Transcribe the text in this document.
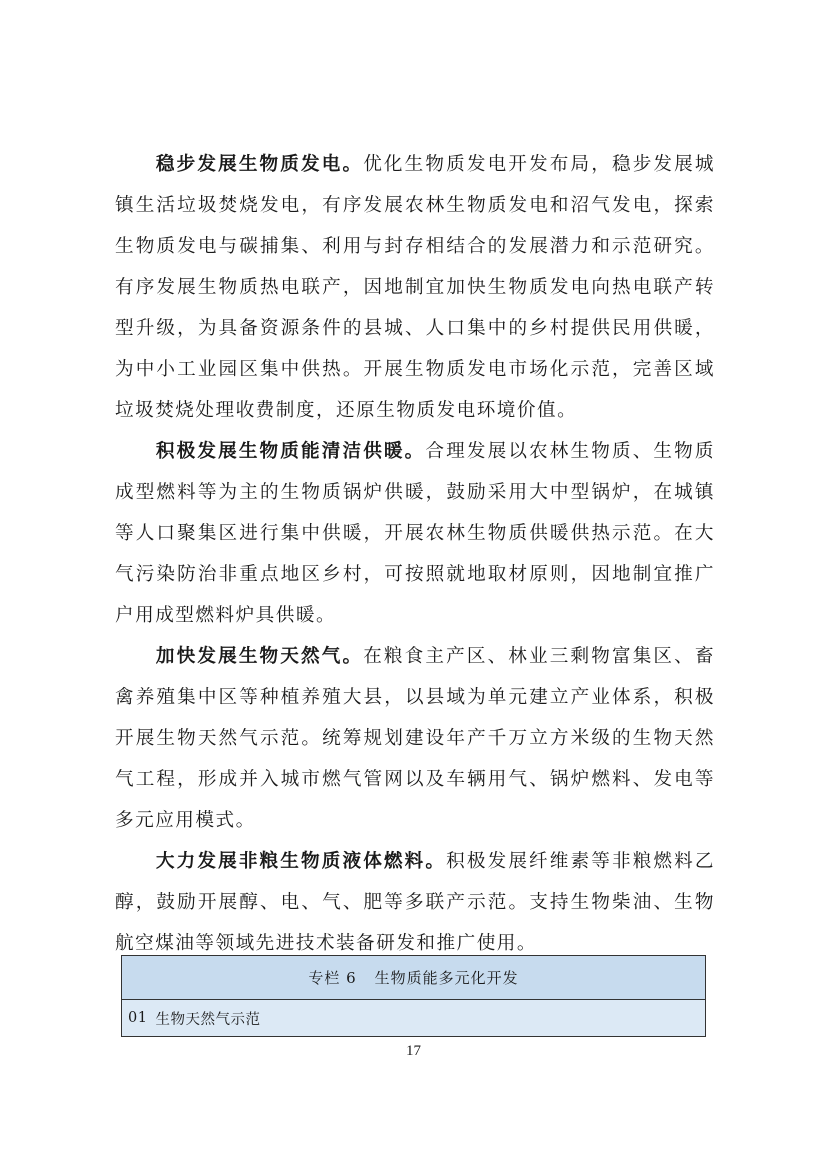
稳步发展生物质发电。优化生物质发电开发布局，稳步发展城镇生活垃圾焚烧发电，有序发展农林生物质发电和沼气发电，探索生物质发电与碳捕集、利用与封存相结合的发展潜力和示范研究。有序发展生物质热电联产，因地制宜加快生物质发电向热电联产转型升级，为具备资源条件的县城、人口集中的乡村提供民用供暖，为中小工业园区集中供热。开展生物质发电市场化示范，完善区域垃圾焚烧处理收费制度，还原生物质发电环境价值。

积极发展生物质能清洁供暖。合理发展以农林生物质、生物质成型燃料等为主的生物质锅炉供暖，鼓励采用大中型锅炉，在城镇等人口聚集区进行集中供暖，开展农林生物质供暖供热示范。在大气污染防治非重点地区乡村，可按照就地取材原则，因地制宜推广户用成型燃料炉具供暖。

加快发展生物天然气。在粮食主产区、林业三剩物富集区、畜禽养殖集中区等种植养殖大县，以县域为单元建立产业体系，积极开展生物天然气示范。统筹规划建设年产千万立方米级的生物天然气工程，形成并入城市燃气管网以及车辆用气、锅炉燃料、发电等多元应用模式。

大力发展非粮生物质液体燃料。积极发展纤维素等非粮燃料乙醇，鼓励开展醇、电、气、肥等多联产示范。支持生物柴油、生物航空煤油等领域先进技术装备研发和推广使用。

专栏 6 生物质能多元化开发
01 生物天然气示范
17
